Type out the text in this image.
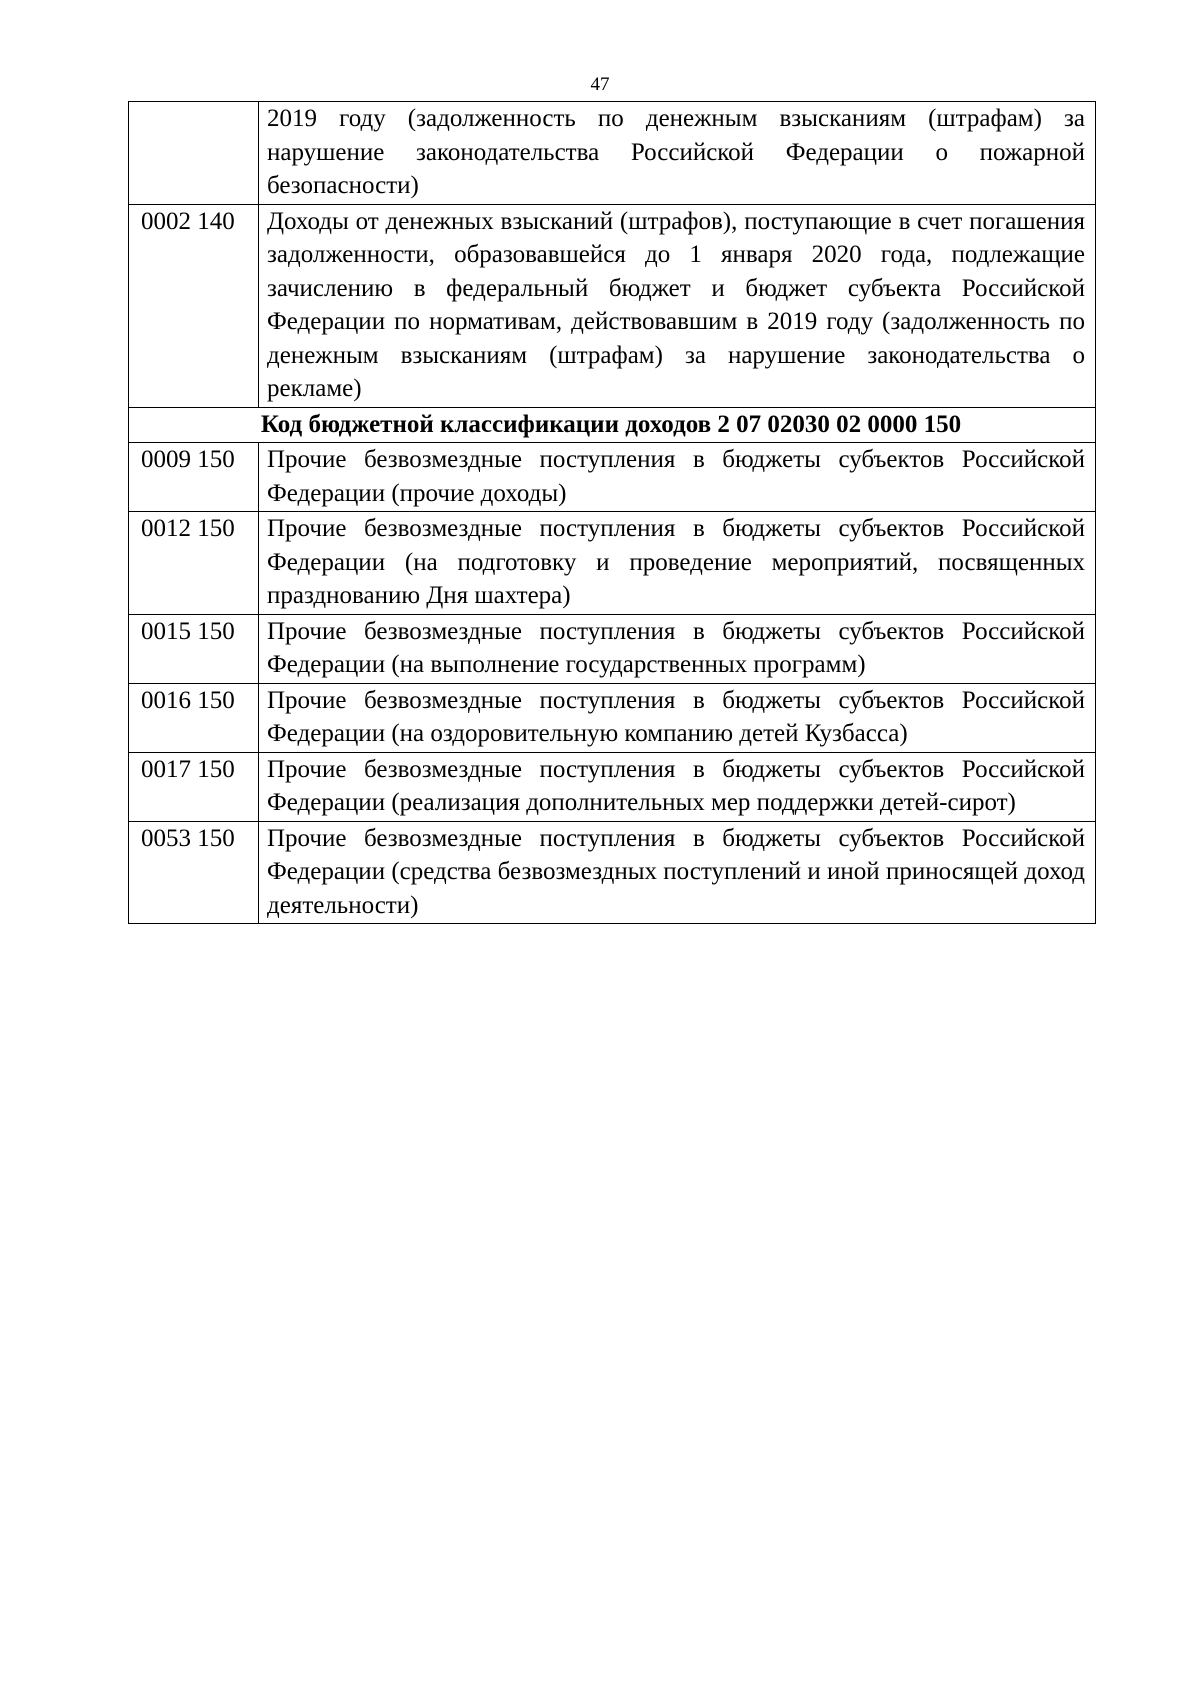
47
	2019 году (задолженность по денежным взысканиям (штрафам) за нарушение законодательства Российской Федерации о пожарной безопасности)
0002 140	Доходы от денежных взысканий (штрафов), поступающие в счет погашения задолженности, образовавшейся до 1 января 2020 года, подлежащие зачислению в федеральный бюджет и бюджет субъекта Российской Федерации по нормативам, действовавшим в 2019 году (задолженность по денежным взысканиям (штрафам) за нарушение законодательства о рекламе)
Код бюджетной классификации доходов 2 07 02030 02 0000 150	
0009 150	Прочие безвозмездные поступления в бюджеты субъектов Российской Федерации (прочие доходы)
0012 150	Прочие безвозмездные поступления в бюджеты субъектов Российской Федерации (на подготовку и проведение мероприятий, посвященных празднованию Дня шахтера)
0015 150	Прочие безвозмездные поступления в бюджеты субъектов Российской Федерации (на выполнение государственных программ)
0016 150	Прочие безвозмездные поступления в бюджеты субъектов Российской Федерации (на оздоровительную компанию детей Кузбасса)
0017 150	Прочие безвозмездные поступления в бюджеты субъектов Российской Федерации (реализация дополнительных мер поддержки детей-сирот)
0053 150	Прочие безвозмездные поступления в бюджеты субъектов Российской Федерации (средства безвозмездных поступлений и иной приносящей доход деятельности)
